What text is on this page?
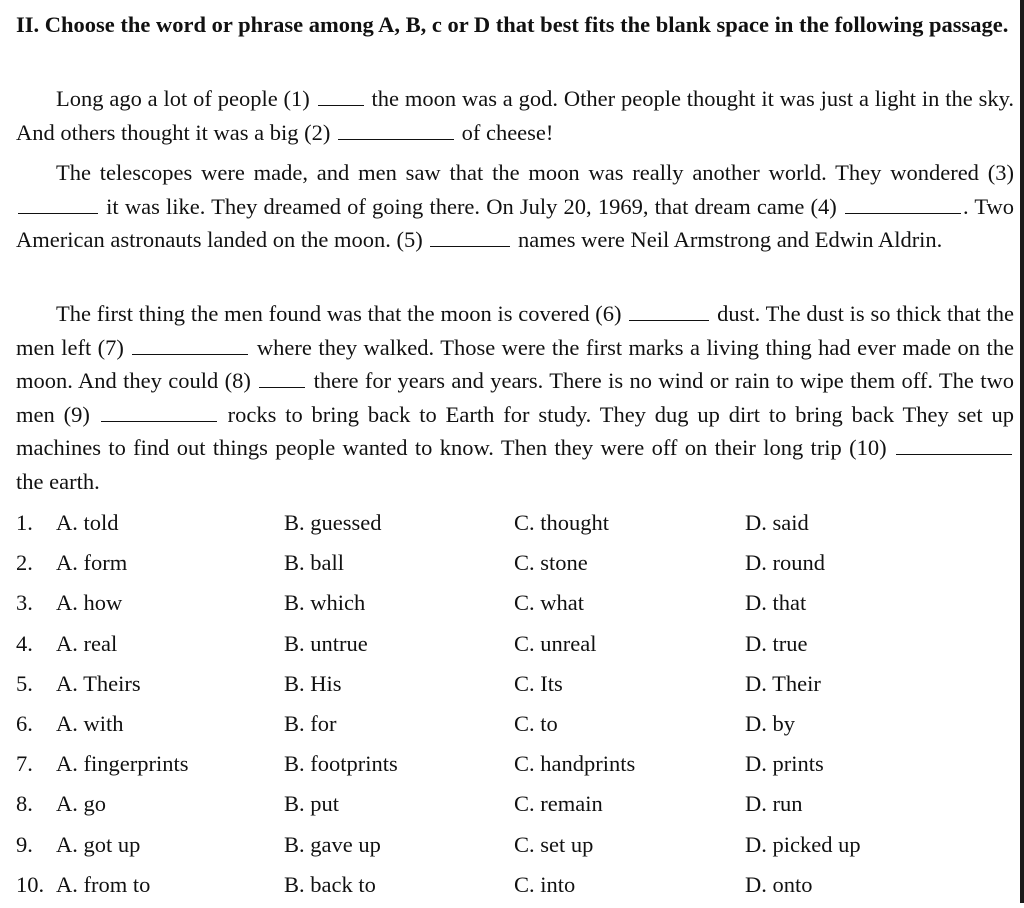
II. Choose the word or phrase among A, B, c or D that best fits the blank space in the following passage.

Long ago a lot of people (1)	the moon was a god. Other people thought it was just a light in the sky. And others thought it was a big (2)	of cheese!

The telescopes were made, and men saw that the moon was really another world. They wondered (3) it was like. They dreamed of going there. On July 20, 1969, that dream came (4)	. Two American astronauts landed on the moon. (5)	names were Neil Armstrong and Edwin Aldrin.

The first thing the men found was that the moon is covered (6)	dust. The dust is so thick that the men left (7)	where they walked. Those were the first marks a living thing had ever made on the moon. And they could (8)	there for years and years. There is no wind or rain to wipe them off. The two men (9)	rocks to bring back to Earth for study. They dug up dirt to bring back They set up machines to find out things people wanted to know. Then they were off on their long trip (10)  the earth.

1. A. told	B. guessed	C. thought	D. said
2. A. form	B. ball	C. stone	D. round
3. A. how	B. which	C. what	D. that
4. A. real	B. untrue	C. unreal	D. true
5. A. Theirs	B. His	C. Its	D. Their
6. A. with	B. for	C. to	D. by
7. A. fingerprints	B. footprints	C. handprints	D. prints
8. A. go	B. put	C. remain	D. run
9. A. got up	B. gave up	C. set up	D. picked up
10. A. from to	B. back to	C. into	D. onto
